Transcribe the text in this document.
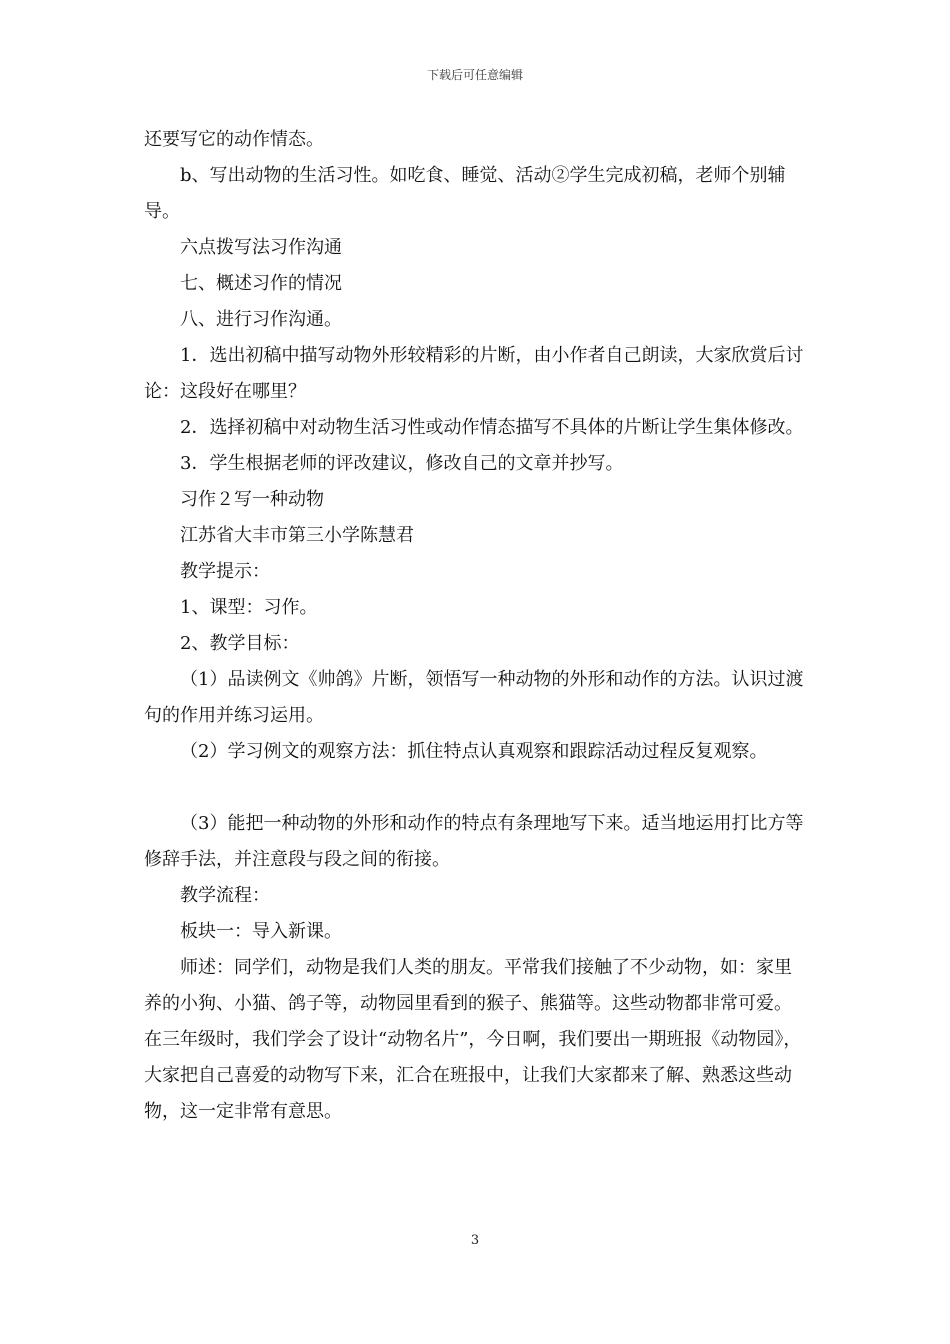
下载后可任意编辑

还要写它的动作情态。

b、写出动物的生活习性。如吃食、睡觉、活动②学生完成初稿，老师个别辅导。

六点拨写法习作沟通

七、概述习作的情况

八、进行习作沟通。

1．选出初稿中描写动物外形较精彩的片断，由小作者自己朗读，大家欣赏后讨论：这段好在哪里？

2．选择初稿中对动物生活习性或动作情态描写不具体的片断让学生集体修改。

3．学生根据老师的评改建议，修改自己的文章并抄写。

习作２写一种动物

江苏省大丰市第三小学陈慧君

教学提示：

1、课型：习作。

2、教学目标：

（1）品读例文《帅鸽》片断，领悟写一种动物的外形和动作的方法。认识过渡句的作用并练习运用。

（2）学习例文的观察方法：抓住特点认真观察和跟踪活动过程反复观察。

（3）能把一种动物的外形和动作的特点有条理地写下来。适当地运用打比方等修辞手法，并注意段与段之间的衔接。

教学流程：

板块一：导入新课。

师述：同学们，动物是我们人类的朋友。平常我们接触了不少动物，如：家里养的小狗、小猫、鸽子等，动物园里看到的猴子、熊猫等。这些动物都非常可爱。在三年级时，我们学会了设计“动物名片”，今日啊，我们要出一期班报《动物园》，大家把自己喜爱的动物写下来，汇合在班报中，让我们大家都来了解、熟悉这些动物，这一定非常有意思。

3
